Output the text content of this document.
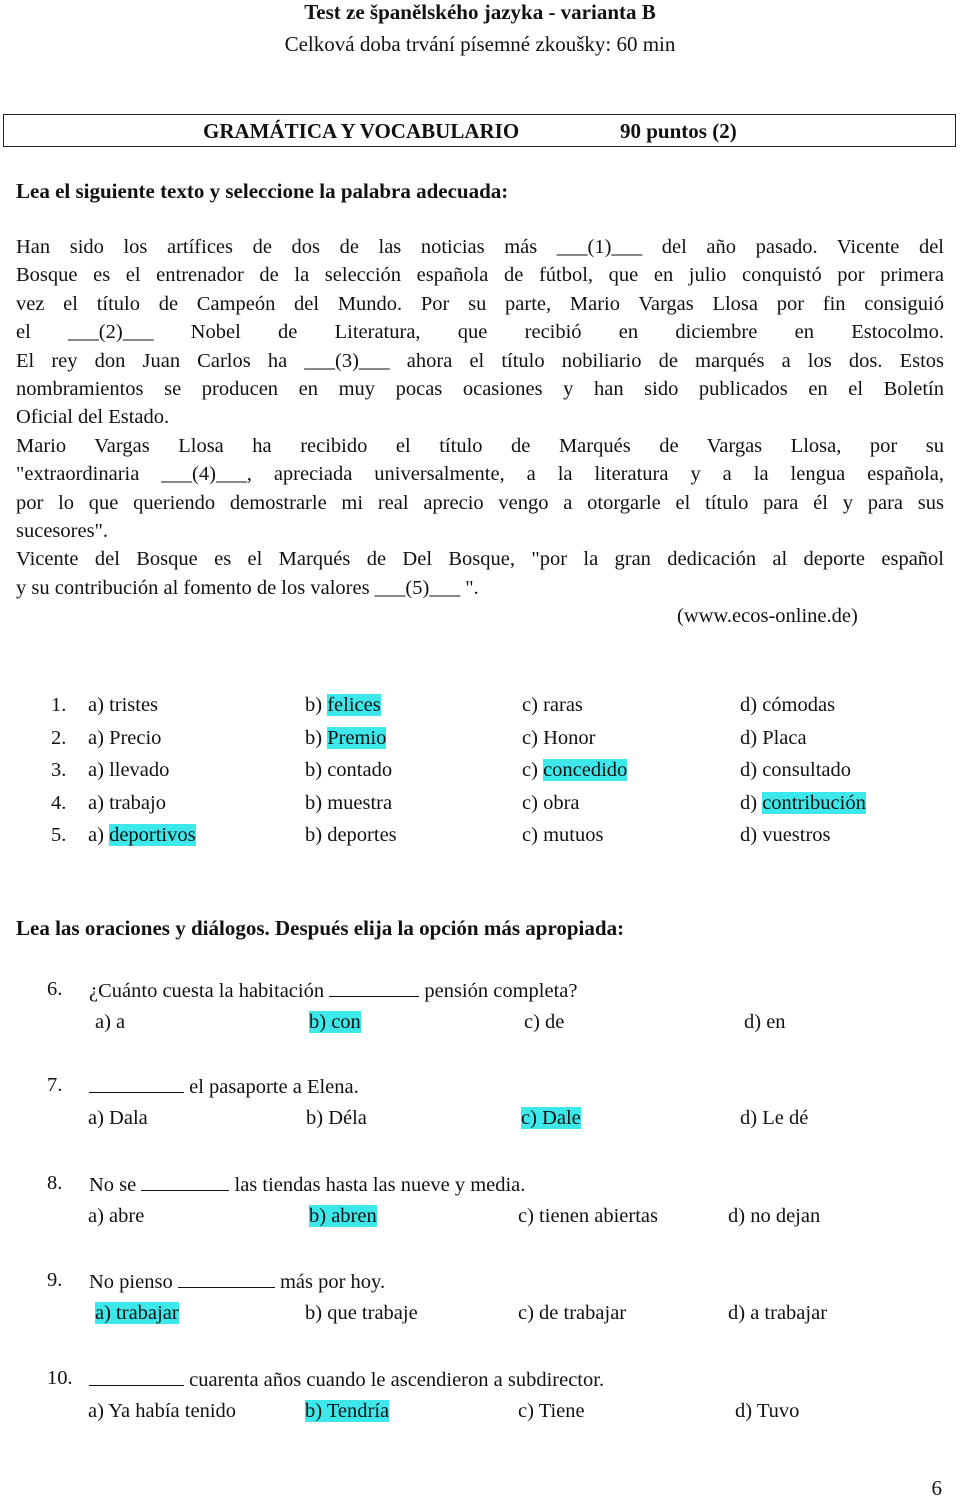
Test ze španělského jazyka - varianta B
Celková doba trvání písemné zkoušky: 60 min
GRAMÁTICA Y VOCABULARIO	90 puntos (2)
Lea el siguiente texto y seleccione la palabra adecuada:
Han sido los artífices de dos de las noticias más ___(1)___ del año pasado. Vicente del
Bosque es el entrenador de la selección española de fútbol, que en julio conquistó por primera
vez el título de Campeón del Mundo. Por su parte, Mario Vargas Llosa por fin consiguió
el ___(2)___ Nobel de Literatura, que recibió en diciembre en Estocolmo.
El rey don Juan Carlos ha ___(3)___ ahora el título nobiliario de marqués a los dos. Estos
nombramientos se producen en muy pocas ocasiones y han sido publicados en el Boletín
Oficial del Estado.
Mario Vargas Llosa ha recibido el título de Marqués de Vargas Llosa, por su
"extraordinaria ___(4)___, apreciada universalmente, a la literatura y a la lengua española,
por lo que queriendo demostrarle mi real aprecio vengo a otorgarle el título para él y para sus
sucesores".
Vicente del Bosque es el Marqués de Del Bosque, "por la gran dedicación al deporte español
y su contribución al fomento de los valores ___(5)___ ".
(www.ecos-online.de)
1. a) tristes	b) felices	c) raras	d) cómodas
2. a) Precio	b) Premio	c) Honor	d) Placa
3. a) llevado	b) contado	c) concedido	d) consultado
4. a) trabajo	b) muestra	c) obra	d) contribución
5. a) deportivos	b) deportes	c) mutuos	d) vuestros
Lea las oraciones y diálogos. Después elija la opción más apropiada:
6. ¿Cuánto cuesta la habitación	pensión completa?
a) a	b) con	c) de	d) en
7.	el pasaporte a Elena.
a) Dala	b) Déla	c) Dale	d) Le dé
8. No se	las tiendas hasta las nueve y media.
a) abre	b) abren	c) tienen abiertas	d) no dejan
9. No pienso	más por hoy.
a) trabajar	b) que trabaje	c) de trabajar	d) a trabajar
10.	cuarenta años cuando le ascendieron a subdirector.
a) Ya había tenido	b) Tendría	c) Tiene	d) Tuvo
6
